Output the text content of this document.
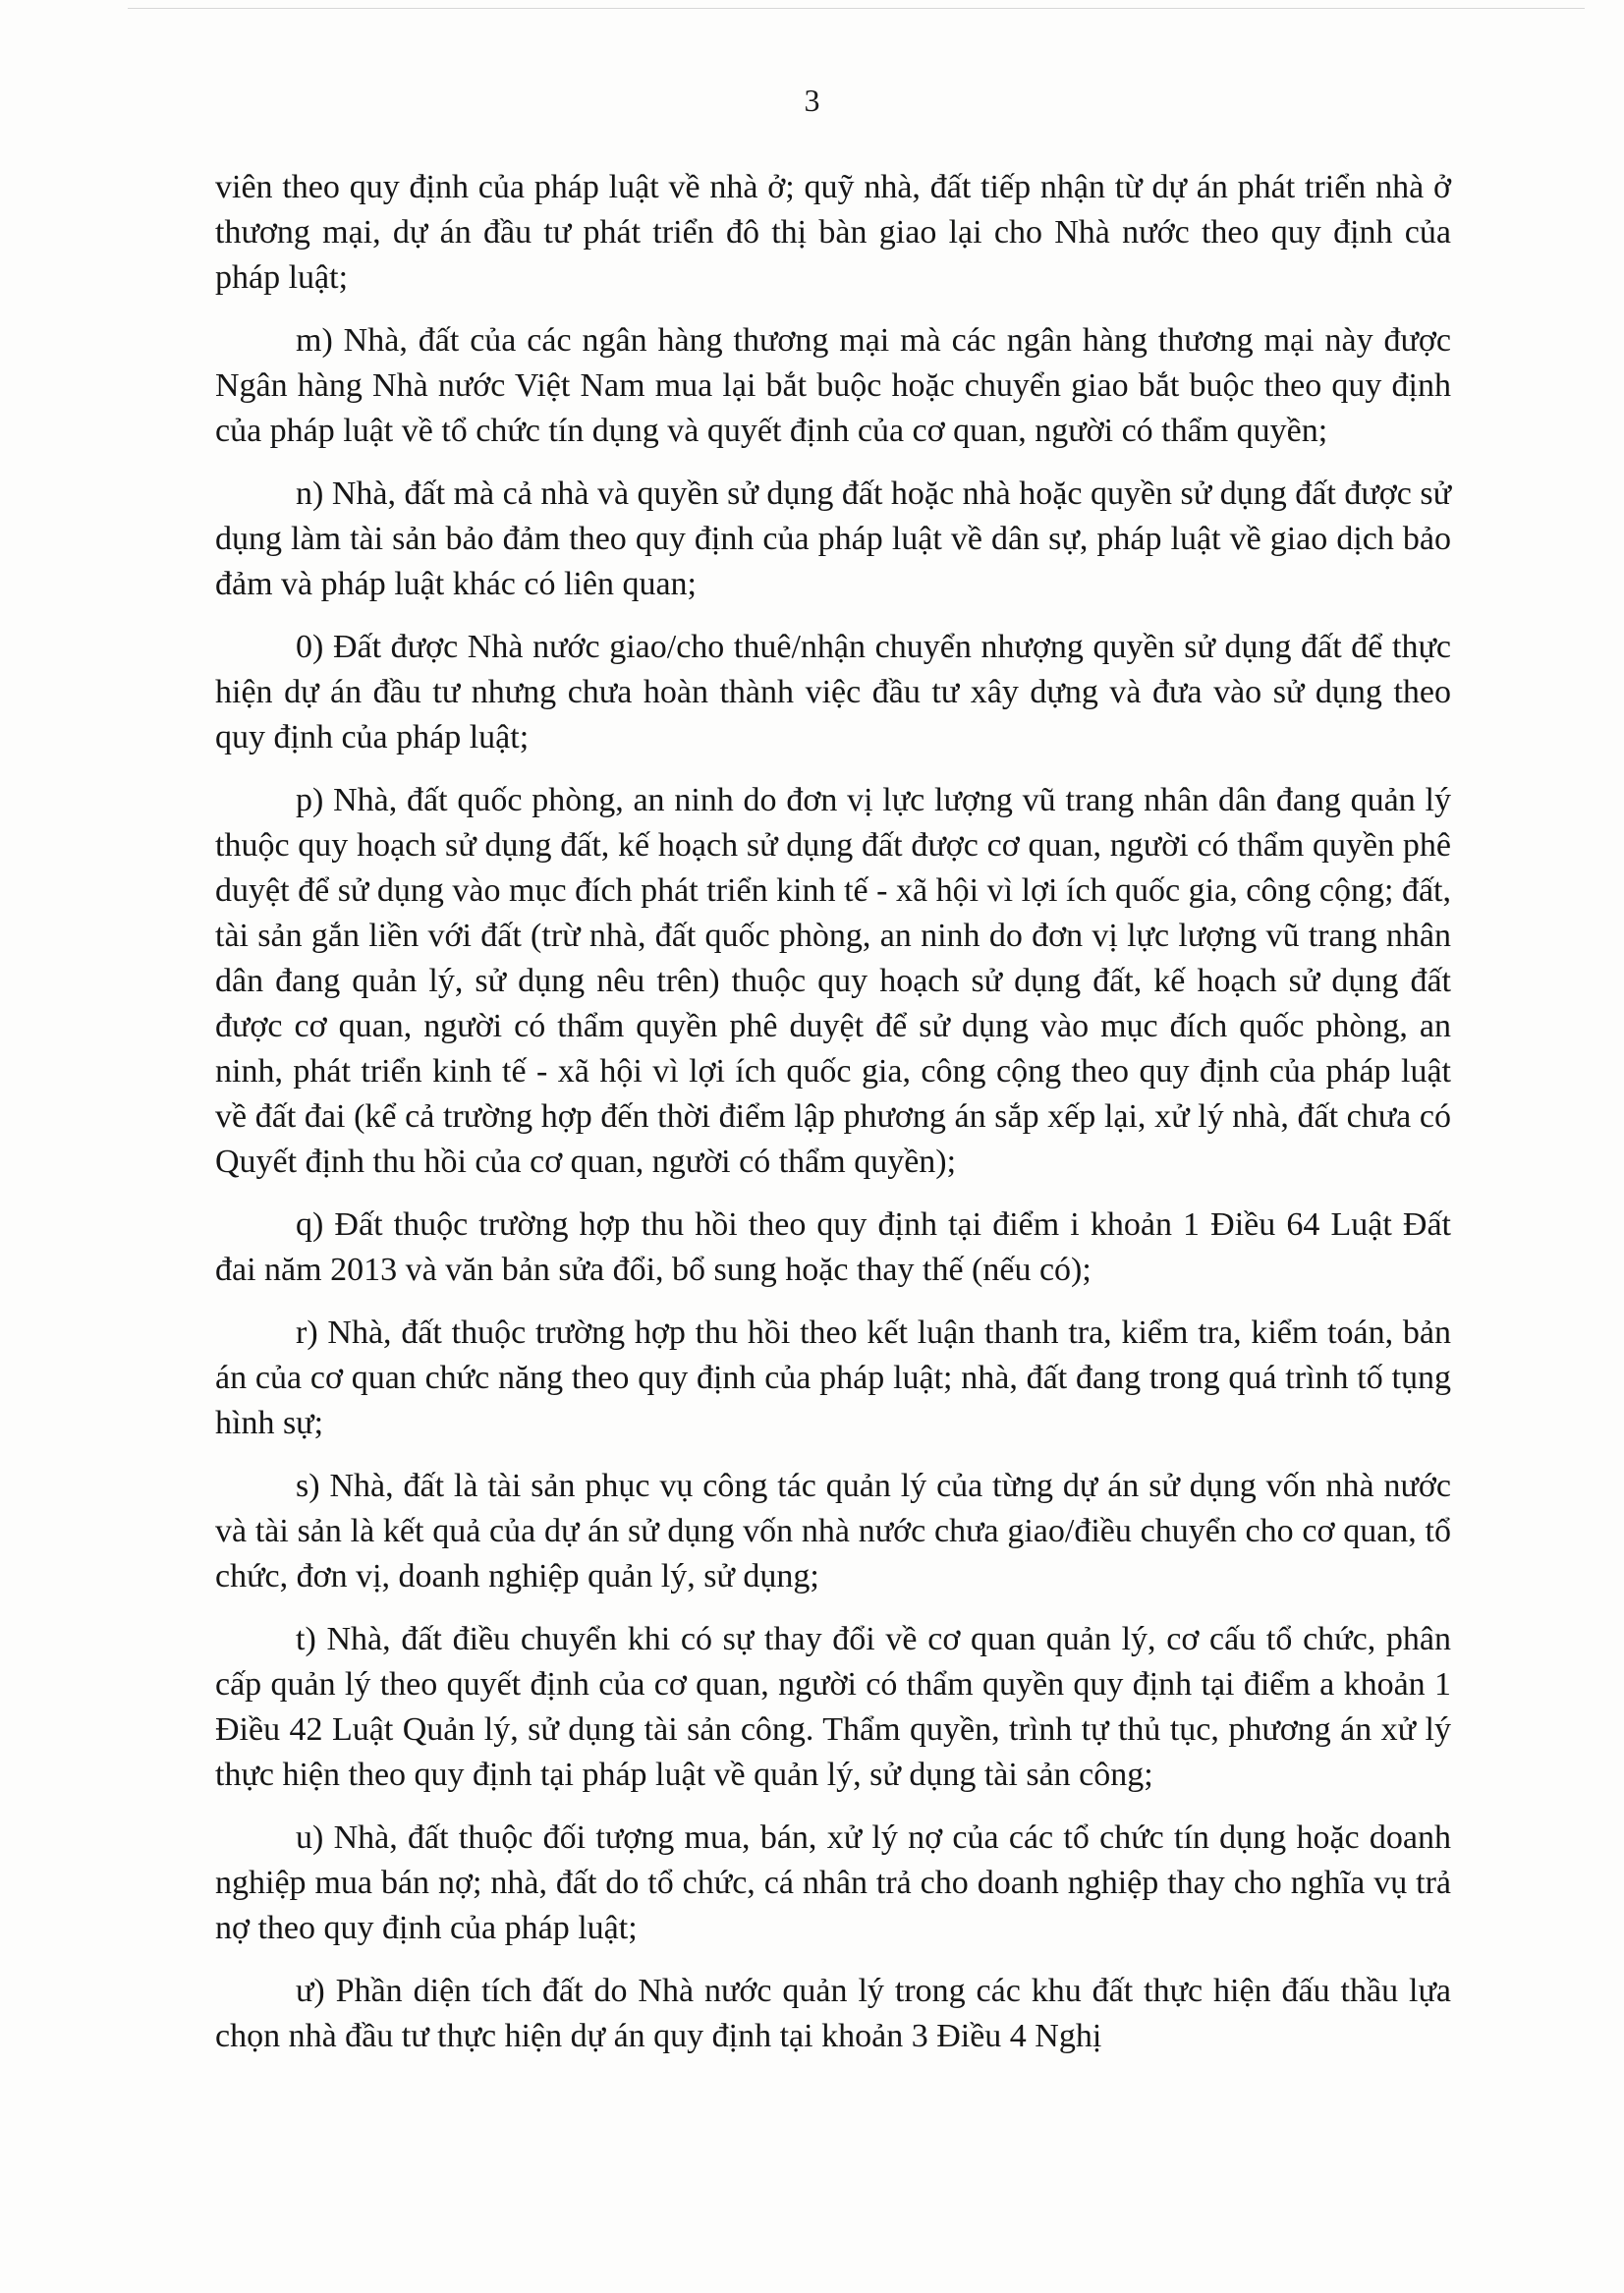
3

viên theo quy định của pháp luật về nhà ở; quỹ nhà, đất tiếp nhận từ dự án phát triển nhà ở thương mại, dự án đầu tư phát triển đô thị bàn giao lại cho Nhà nước theo quy định của pháp luật;

m) Nhà, đất của các ngân hàng thương mại mà các ngân hàng thương mại này được Ngân hàng Nhà nước Việt Nam mua lại bắt buộc hoặc chuyển giao bắt buộc theo quy định của pháp luật về tổ chức tín dụng và quyết định của cơ quan, người có thẩm quyền;

n) Nhà, đất mà cả nhà và quyền sử dụng đất hoặc nhà hoặc quyền sử dụng đất được sử dụng làm tài sản bảo đảm theo quy định của pháp luật về dân sự, pháp luật về giao dịch bảo đảm và pháp luật khác có liên quan;

0) Đất được Nhà nước giao/cho thuê/nhận chuyển nhượng quyền sử dụng đất để thực hiện dự án đầu tư nhưng chưa hoàn thành việc đầu tư xây dựng và đưa vào sử dụng theo quy định của pháp luật;

p) Nhà, đất quốc phòng, an ninh do đơn vị lực lượng vũ trang nhân dân đang quản lý thuộc quy hoạch sử dụng đất, kế hoạch sử dụng đất được cơ quan, người có thẩm quyền phê duyệt để sử dụng vào mục đích phát triển kinh tế - xã hội vì lợi ích quốc gia, công cộng; đất, tài sản gắn liền với đất (trừ nhà, đất quốc phòng, an ninh do đơn vị lực lượng vũ trang nhân dân đang quản lý, sử dụng nêu trên) thuộc quy hoạch sử dụng đất, kế hoạch sử dụng đất được cơ quan, người có thẩm quyền phê duyệt để sử dụng vào mục đích quốc phòng, an ninh, phát triển kinh tế - xã hội vì lợi ích quốc gia, công cộng theo quy định của pháp luật về đất đai (kể cả trường hợp đến thời điểm lập phương án sắp xếp lại, xử lý nhà, đất chưa có Quyết định thu hồi của cơ quan, người có thẩm quyền);

q) Đất thuộc trường hợp thu hồi theo quy định tại điểm i khoản 1 Điều 64 Luật Đất đai năm 2013 và văn bản sửa đổi, bổ sung hoặc thay thế (nếu có);

r) Nhà, đất thuộc trường hợp thu hồi theo kết luận thanh tra, kiểm tra, kiểm toán, bản án của cơ quan chức năng theo quy định của pháp luật; nhà, đất đang trong quá trình tố tụng hình sự;

s) Nhà, đất là tài sản phục vụ công tác quản lý của từng dự án sử dụng vốn nhà nước và tài sản là kết quả của dự án sử dụng vốn nhà nước chưa giao/điều chuyển cho cơ quan, tổ chức, đơn vị, doanh nghiệp quản lý, sử dụng;

t) Nhà, đất điều chuyển khi có sự thay đổi về cơ quan quản lý, cơ cấu tổ chức, phân cấp quản lý theo quyết định của cơ quan, người có thẩm quyền quy định tại điểm a khoản 1 Điều 42 Luật Quản lý, sử dụng tài sản công. Thẩm quyền, trình tự thủ tục, phương án xử lý thực hiện theo quy định tại pháp luật về quản lý, sử dụng tài sản công;

u) Nhà, đất thuộc đối tượng mua, bán, xử lý nợ của các tổ chức tín dụng hoặc doanh nghiệp mua bán nợ; nhà, đất do tổ chức, cá nhân trả cho doanh nghiệp thay cho nghĩa vụ trả nợ theo quy định của pháp luật;

ư) Phần diện tích đất do Nhà nước quản lý trong các khu đất thực hiện đấu thầu lựa chọn nhà đầu tư thực hiện dự án quy định tại khoản 3 Điều 4 Nghị
